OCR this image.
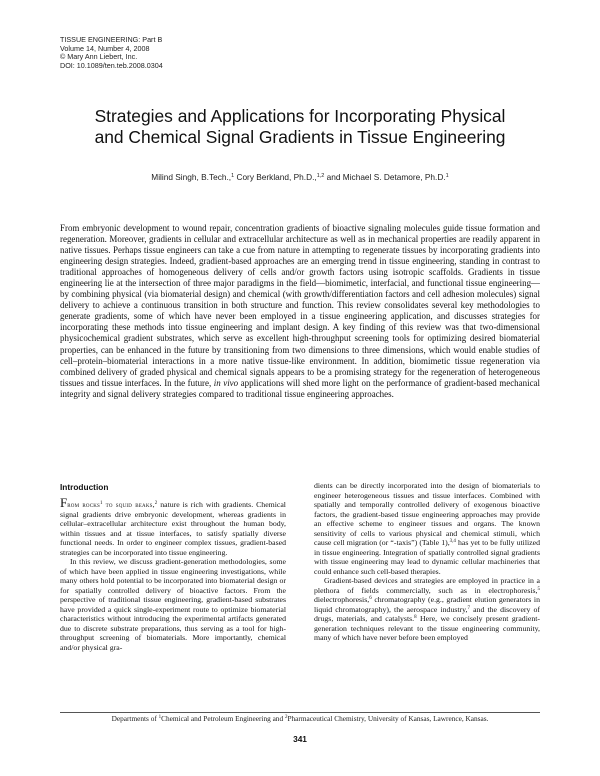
TISSUE ENGINEERING: Part B
Volume 14, Number 4, 2008
© Mary Ann Liebert, Inc.
DOI: 10.1089/ten.teb.2008.0304
Strategies and Applications for Incorporating Physical
and Chemical Signal Gradients in Tissue Engineering
Milind Singh, B.Tech.,$^1$ Cory Berkland, Ph.D.,$^{1,2}$ and Michael S. Detamore, Ph.D.$^1$

From embryonic development to wound repair, concentration gradients of bioactive signaling molecules guide tissue formation and regeneration. Moreover, gradients in cellular and extracellular architecture as well as in mechanical properties are readily apparent in native tissues. Perhaps tissue engineers can take a cue from nature in attempting to regenerate tissues by incorporating gradients into engineering design strategies. Indeed, gradient-based approaches are an emerging trend in tissue engineering, standing in contrast to traditional approaches of homogeneous delivery of cells and/or growth factors using isotropic scaffolds. Gradients in tissue engineering lie at the intersection of three major paradigms in the field—biomimetic, interfacial, and functional tissue engineering—by combining physical (via biomaterial design) and chemical (with growth/differentiation factors and cell adhesion molecules) signal delivery to achieve a continuous transition in both structure and function. This review consolidates several key methodologies to generate gradients, some of which have never been employed in a tissue engineering application, and discusses strategies for incorporating these methods into tissue engineering and implant design. A key finding of this review was that two-dimensional physicochemical gradient substrates, which serve as excellent high-throughput screening tools for optimizing desired biomaterial properties, can be enhanced in the future by transitioning from two dimensions to three dimensions, which would enable studies of cell–protein–biomaterial interactions in a more native tissue-like environment. In addition, biomimetic tissue regeneration via combined delivery of graded physical and chemical signals appears to be a promising strategy for the regeneration of heterogeneous tissues and tissue interfaces. In the future, in vivo applications will shed more light on the performance of gradient-based mechanical integrity and signal delivery strategies compared to traditional tissue engineering approaches.

Introduction

From rocks$^1$ to squid beaks,$^2$ nature is rich with gradients. Chemical signal gradients drive embryonic development, whereas gradients in cellular–extracellular architecture exist throughout the human body, within tissues and at tissue interfaces, to satisfy spatially diverse functional needs. In order to engineer complex tissues, gradient-based strategies can be incorporated into tissue engineering.

In this review, we discuss gradient-generation methodologies, some of which have been applied in tissue engineering investigations, while many others hold potential to be incorporated into biomaterial design or for spatially controlled delivery of bioactive factors. From the perspective of traditional tissue engineering, gradient-based substrates have provided a quick single-experiment route to optimize biomaterial characteristics without introducing the experimental artifacts generated due to discrete substrate preparations, thus serving as a tool for high-throughput screening of biomaterials. More importantly, chemical and/or physical gra-

dients can be directly incorporated into the design of biomaterials to engineer heterogeneous tissues and tissue interfaces. Combined with spatially and temporally controlled delivery of exogenous bioactive factors, the gradient-based tissue engineering approaches may provide an effective scheme to engineer tissues and organs. The known sensitivity of cells to various physical and chemical stimuli, which cause cell migration (or “-taxis”) (Table 1),$^{3,4}$ has yet to be fully utilized in tissue engineering. Integration of spatially controlled signal gradients with tissue engineering may lead to dynamic cellular machineries that could enhance such cell-based therapies.

Gradient-based devices and strategies are employed in practice in a plethora of fields commercially, such as in electrophoresis,$^5$ dielectrophoresis,$^6$ chromatography (e.g., gradient elution generators in liquid chromatography), the aerospace industry,$^7$ and the discovery of drugs, materials, and catalysts.$^8$ Here, we concisely present gradient-generation techniques relevant to the tissue engineering community, many of which have never before been employed

Departments of $^1$Chemical and Petroleum Engineering and $^2$Pharmaceutical Chemistry, University of Kansas, Lawrence, Kansas.
341
